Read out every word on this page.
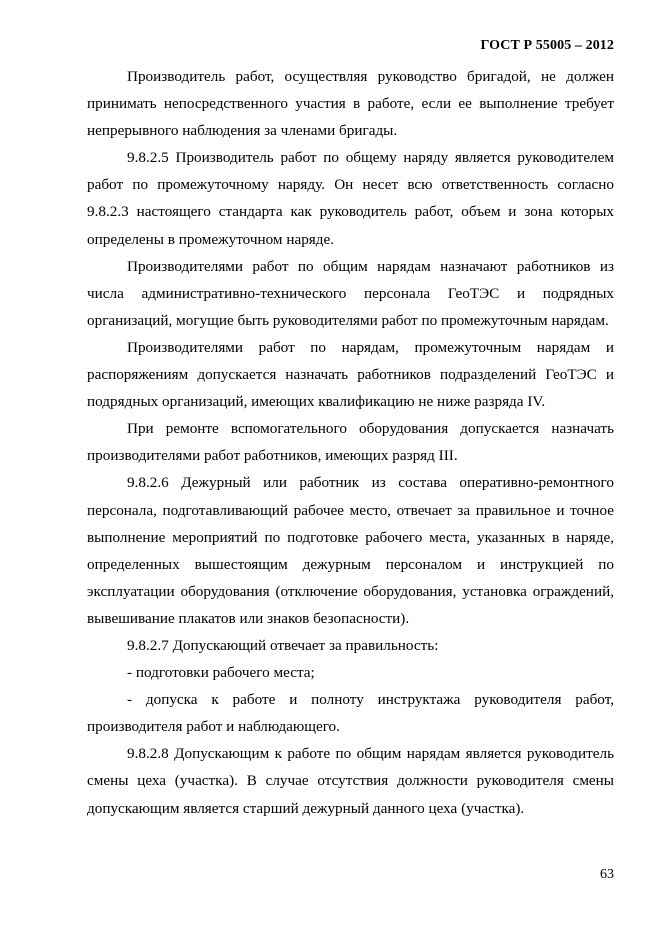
ГОСТ Р 55005 – 2012

Производитель работ, осуществляя руководство бригадой, не должен принимать непосредственного участия в работе, если ее выполнение требует непрерывного наблюдения за членами бригады.

9.8.2.5 Производитель работ по общему наряду является руководителем работ по промежуточному наряду. Он несет всю ответственность согласно 9.8.2.3 настоящего стандарта как руководитель работ, объем и зона которых определены в промежуточном наряде.

Производителями работ по общим нарядам назначают работников из числа административно-технического персонала ГеоТЭС и подрядных организаций, могущие быть руководителями работ по промежуточным нарядам.

Производителями работ по нарядам, промежуточным нарядам и распоряжениям допускается назначать работников подразделений ГеоТЭС и подрядных организаций, имеющих квалификацию не ниже разряда IV.

При ремонте вспомогательного оборудования допускается назначать производителями работ работников, имеющих разряд III.

9.8.2.6 Дежурный или работник из состава оперативно-ремонтного персонала, подготавливающий рабочее место, отвечает за правильное и точное выполнение мероприятий по подготовке рабочего места, указанных в наряде, определенных вышестоящим дежурным персоналом и инструкцией по эксплуатации оборудования (отключение оборудования, установка ограждений, вывешивание плакатов или знаков безопасности).

9.8.2.7 Допускающий отвечает за правильность:

- подготовки рабочего места;

- допуска к работе и полноту инструктажа руководителя работ, производителя работ и наблюдающего.

9.8.2.8 Допускающим к работе по общим нарядам является руководитель смены цеха (участка). В случае отсутствия должности руководителя смены допускающим является старший дежурный данного цеха (участка).

63
